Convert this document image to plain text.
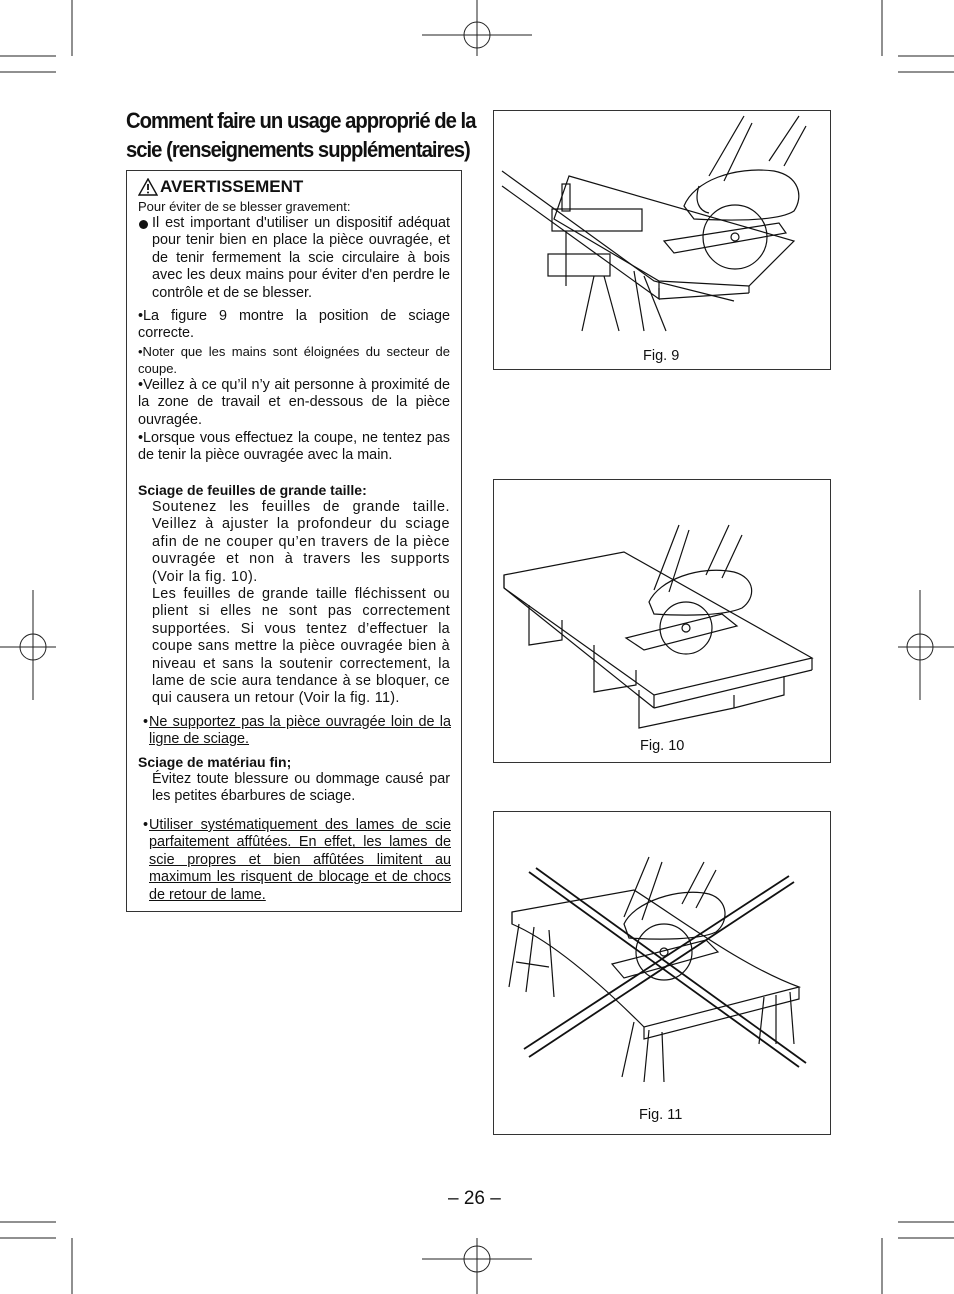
Comment faire un usage approprié de la
scie (renseignements supplémentaires)
AVERTISSEMENT
Pour éviter de se blesser gravement:
Il est important d'utiliser un dispositif adéquat pour tenir bien en place la pièce ouvragée, et de tenir fermement la scie circulaire à bois avec les deux mains pour éviter d'en perdre le contrôle et de se blesser.
•La figure 9 montre la position de sciage correcte.
•Noter que les mains sont éloignées du secteur de coupe.
•Veillez à ce qu’il n’y ait personne à proximité de la zone de travail et en-dessous de la pièce ouvragée.
•Lorsque vous effectuez la coupe, ne tentez pas de tenir la pièce ouvragée avec la main.
Sciage de feuilles de grande taille:
Soutenez les feuilles de grande taille. Veillez à ajuster la profondeur du sciage afin de ne couper qu’en travers de la pièce ouvragée et non à travers les supports (Voir la fig. 10).
Les feuilles de grande taille fléchissent ou plient si elles ne sont pas correctement supportées. Si vous tentez d’effectuer la coupe sans mettre la pièce ouvragée bien à niveau et sans la soutenir correctement, la lame de scie aura tendance à se bloquer, ce qui causera un retour (Voir la fig. 11).
• Ne supportez pas la pièce ouvragée loin de la ligne de sciage.
Sciage de matériau fin;
Évitez toute blessure ou dommage causé par les petites ébarbures de sciage.
• Utiliser systématiquement des lames de scie parfaitement affûtées. En effet, les lames de scie propres et bien affûtées limitent au maximum les risquent de blocage et de chocs de retour de lame.
Fig. 9
Fig. 10
Fig. 11
– 26 –
